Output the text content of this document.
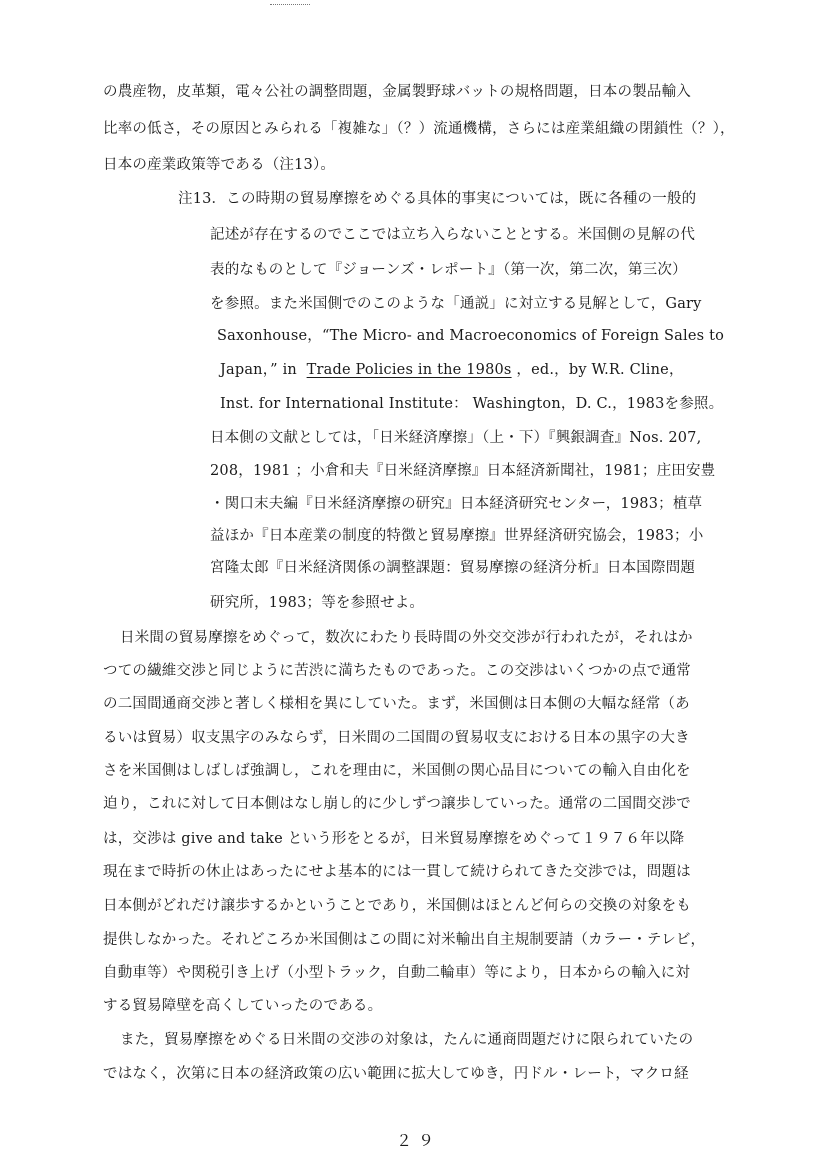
の農産物，皮革類，電々公社の調整問題，金属製野球バットの規格問題，日本の製品輸入
比率の低さ，その原因とみられる「複雑な」（？）流通機構，さらには産業組織の閉鎖性（？），
日本の産業政策等である（注13）。
注13．この時期の貿易摩擦をめぐる具体的事実については，既に各種の一般的
記述が存在するのでここでは立ち入らないこととする。米国側の見解の代
表的なものとして『ジョーンズ・レポート』（第一次，第二次，第三次）
を参照。また米国側でのこのような「通説」に対立する見解として，Gary
Saxonhouse，“The Micro- and Macroeconomics of Foreign Sales to
Japan，” in Trade Policies in the 1980s ，ed.，by W.R. Cline，
Inst. for International Institute： Washington，D. C.，1983を参照。
日本側の文献としては，「日米経済摩擦」（上・下）『興銀調査』Nos. 207,
208，1981 ；小倉和夫『日米経済摩擦』日本経済新聞社，1981；庄田安豊
・関口末夫編『日米経済摩擦の研究』日本経済研究センター，1983；植草
益ほか『日本産業の制度的特徴と貿易摩擦』世界経済研究協会，1983；小
宮隆太郎『日米経済関係の調整課題：貿易摩擦の経済分析』日本国際問題
研究所，1983；等を参照せよ。
日米間の貿易摩擦をめぐって，数次にわたり長時間の外交交渉が行われたが，それはか
つての繊維交渉と同じように苦渋に満ちたものであった。この交渉はいくつかの点で通常
の二国間通商交渉と著しく様相を異にしていた。まず，米国側は日本側の大幅な経常（あ
るいは貿易）収支黒字のみならず，日米間の二国間の貿易収支における日本の黒字の大き
さを米国側はしばしば強調し，これを理由に，米国側の関心品目についての輸入自由化を
迫り，これに対して日本側はなし崩し的に少しずつ譲歩していった。通常の二国間交渉で
は，交渉は give and take という形をとるが，日米貿易摩擦をめぐって１９７６年以降
現在まで時折の休止はあったにせよ基本的には一貫して続けられてきた交渉では，問題は
日本側がどれだけ譲歩するかということであり，米国側はほとんど何らの交換の対象をも
提供しなかった。それどころか米国側はこの間に対米輸出自主規制要請（カラー・テレビ，
自動車等）や関税引き上げ（小型トラック，自動二輪車）等により，日本からの輸入に対
する貿易障壁を高くしていったのである。
また，貿易摩擦をめぐる日米間の交渉の対象は，たんに通商問題だけに限られていたの
ではなく，次第に日本の経済政策の広い範囲に拡大してゆき，円ドル・レート，マクロ経
２９
